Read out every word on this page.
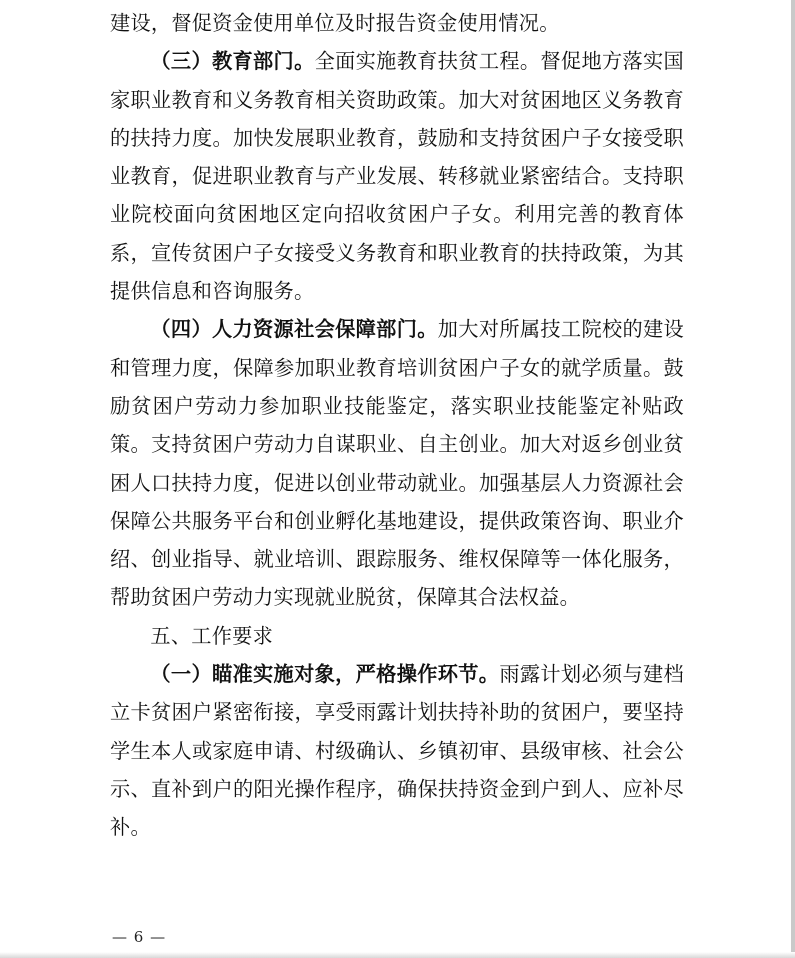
建设，督促资金使用单位及时报告资金使用情况。

（三）教育部门。全面实施教育扶贫工程。督促地方落实国家职业教育和义务教育相关资助政策。加大对贫困地区义务教育的扶持力度。加快发展职业教育，鼓励和支持贫困户子女接受职业教育，促进职业教育与产业发展、转移就业紧密结合。支持职业院校面向贫困地区定向招收贫困户子女。利用完善的教育体系，宣传贫困户子女接受义务教育和职业教育的扶持政策，为其提供信息和咨询服务。

（四）人力资源社会保障部门。加大对所属技工院校的建设和管理力度，保障参加职业教育培训贫困户子女的就学质量。鼓励贫困户劳动力参加职业技能鉴定，落实职业技能鉴定补贴政策。支持贫困户劳动力自谋职业、自主创业。加大对返乡创业贫困人口扶持力度，促进以创业带动就业。加强基层人力资源社会保障公共服务平台和创业孵化基地建设，提供政策咨询、职业介绍、创业指导、就业培训、跟踪服务、维权保障等一体化服务，帮助贫困户劳动力实现就业脱贫，保障其合法权益。

五、工作要求

（一）瞄准实施对象，严格操作环节。雨露计划必须与建档立卡贫困户紧密衔接，享受雨露计划扶持补助的贫困户，要坚持学生本人或家庭申请、村级确认、乡镇初审、县级审核、社会公示、直补到户的阳光操作程序，确保扶持资金到户到人、应补尽补。

— 6 —
